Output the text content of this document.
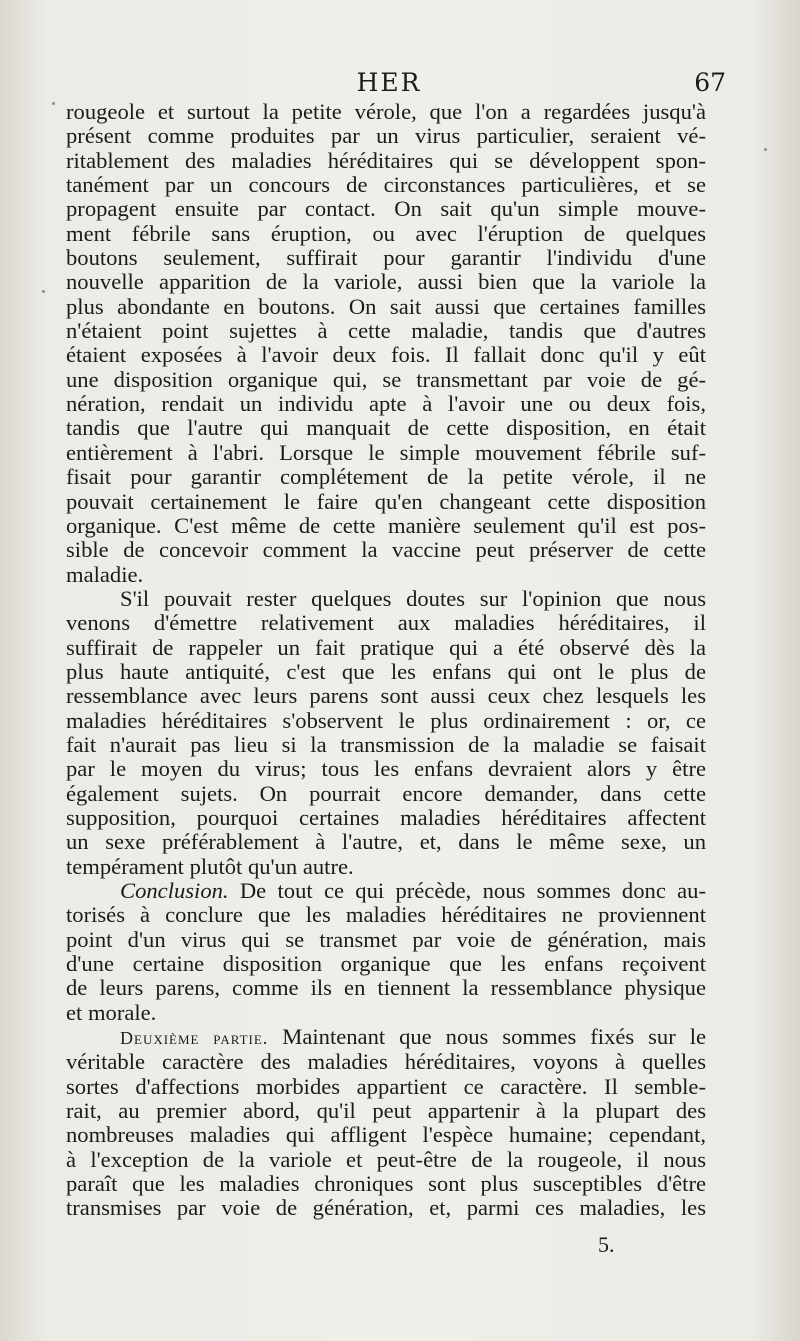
HER	67
rougeole et surtout la petite vérole, que l'on a regardées jusqu'à
présent comme produites par un virus particulier, seraient vé-
ritablement des maladies héréditaires qui se développent spon-
tanément par un concours de circonstances particulières, et se
propagent ensuite par contact. On sait qu'un simple mouve-
ment fébrile sans éruption, ou avec l'éruption de quelques
boutons seulement, suffirait pour garantir l'individu d'une
nouvelle apparition de la variole, aussi bien que la variole la
plus abondante en boutons. On sait aussi que certaines familles
n'étaient point sujettes à cette maladie, tandis que d'autres
étaient exposées à l'avoir deux fois. Il fallait donc qu'il y eût
une disposition organique qui, se transmettant par voie de gé-
nération, rendait un individu apte à l'avoir une ou deux fois,
tandis que l'autre qui manquait de cette disposition, en était
entièrement à l'abri. Lorsque le simple mouvement fébrile suf-
fisait pour garantir complétement de la petite vérole, il ne
pouvait certainement le faire qu'en changeant cette disposition
organique. C'est même de cette manière seulement qu'il est pos-
sible de concevoir comment la vaccine peut préserver de cette
maladie.
S'il pouvait rester quelques doutes sur l'opinion que nous
venons d'émettre relativement aux maladies héréditaires, il
suffirait de rappeler un fait pratique qui a été observé dès la
plus haute antiquité, c'est que les enfans qui ont le plus de
ressemblance avec leurs parens sont aussi ceux chez lesquels les
maladies héréditaires s'observent le plus ordinairement : or, ce
fait n'aurait pas lieu si la transmission de la maladie se faisait
par le moyen du virus; tous les enfans devraient alors y être
également sujets. On pourrait encore demander, dans cette
supposition, pourquoi certaines maladies héréditaires affectent
un sexe préférablement à l'autre, et, dans le même sexe, un
tempérament plutôt qu'un autre.
Conclusion. De tout ce qui précède, nous sommes donc au-
torisés à conclure que les maladies héréditaires ne proviennent
point d'un virus qui se transmet par voie de génération, mais
d'une certaine disposition organique que les enfans reçoivent
de leurs parens, comme ils en tiennent la ressemblance physique
et morale.
Deuxième partie. Maintenant que nous sommes fixés sur le
véritable caractère des maladies héréditaires, voyons à quelles
sortes d'affections morbides appartient ce caractère. Il semble-
rait, au premier abord, qu'il peut appartenir à la plupart des
nombreuses maladies qui affligent l'espèce humaine; cependant,
à l'exception de la variole et peut-être de la rougeole, il nous
paraît que les maladies chroniques sont plus susceptibles d'être
transmises par voie de génération, et, parmi ces maladies, les
5.
